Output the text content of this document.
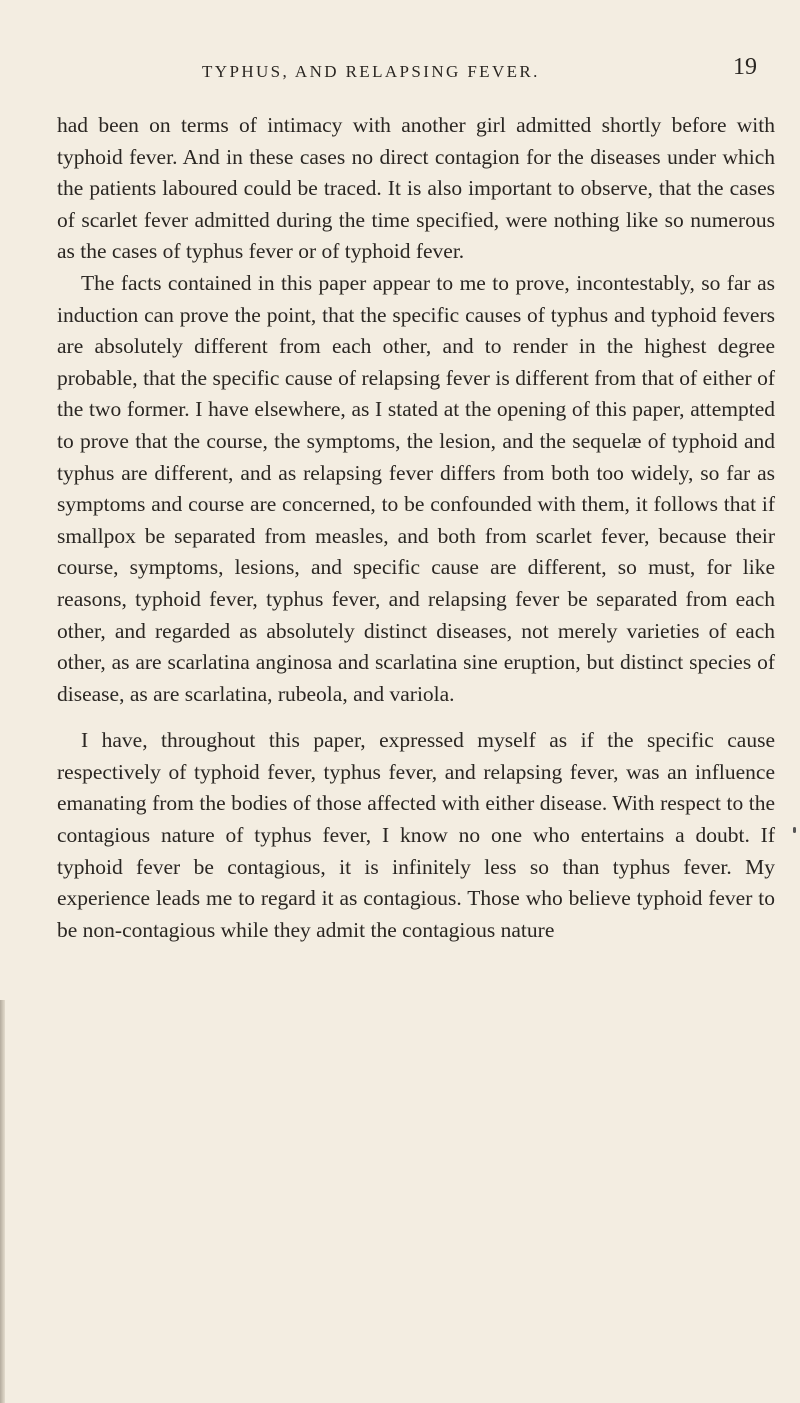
TYPHUS, AND RELAPSING FEVER.	19

had been on terms of intimacy with another girl admitted shortly before with typhoid fever. And in these cases no direct contagion for the diseases under which the patients laboured could be traced. It is also important to observe, that the cases of scarlet fever admitted during the time specified, were nothing like so numerous as the cases of typhus fever or of typhoid fever.

The facts contained in this paper appear to me to prove, incontestably, so far as induction can prove the point, that the specific causes of typhus and typhoid fevers are absolutely different from each other, and to render in the highest degree probable, that the specific cause of relapsing fever is different from that of either of the two former. I have elsewhere, as I stated at the opening of this paper, attempted to prove that the course, the symptoms, the lesion, and the sequelæ of typhoid and typhus are different, and as relapsing fever differs from both too widely, so far as symptoms and course are concerned, to be confounded with them, it follows that if smallpox be separated from measles, and both from scarlet fever, because their course, symptoms, lesions, and specific cause are different, so must, for like reasons, typhoid fever, typhus fever, and relapsing fever be separated from each other, and regarded as absolutely distinct diseases, not merely varieties of each other, as are scarlatina anginosa and scarlatina sine eruption, but distinct species of disease, as are scarlatina, rubeola, and variola.

I have, throughout this paper, expressed myself as if the specific cause respectively of typhoid fever, typhus fever, and relapsing fever, was an influence emanating from the bodies of those affected with either disease. With respect to the contagious nature of typhus fever, I know no one who entertains a doubt. If typhoid fever be contagious, it is infinitely less so than typhus fever. My experience leads me to regard it as contagious. Those who believe typhoid fever to be non-contagious while they admit the contagious nature
